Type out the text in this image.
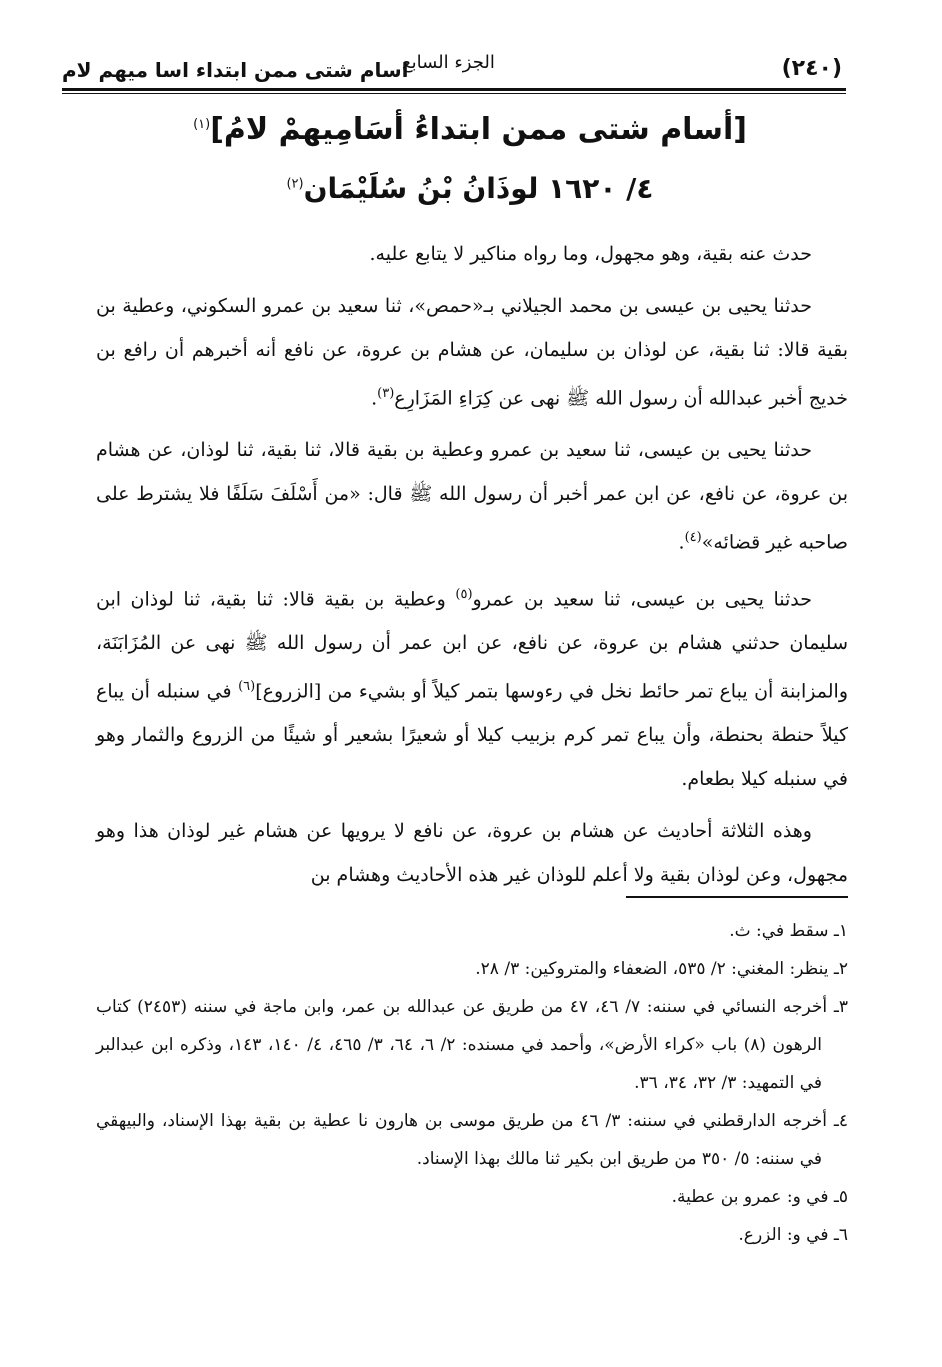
اسام شتى ممن ابتداء اسا ميهم لام
الجزء السابع	(٢٤٠)
[أسام شتى ممن ابتداءُ أسَامِيهمْ لامُ]$^{(١)}$
٤/ ١٦٢٠ لوذَانُ بْنُ سُلَيْمَان$^{(٢)}$

حدث عنه بقية، وهو مجهول، وما رواه مناكير لا يتابع عليه.

حدثنا يحيى بن عيسى بن محمد الجيلاني بـ«حمص»، ثنا سعيد بن عمرو السكوني، وعطية بن بقية قالا: ثنا بقية، عن لوذان بن سليمان، عن هشام بن عروة، عن نافع أنه أخبرهم أن رافع بن خديج أخبر عبدالله أن رسول الله ﷺ نهى عن كِرَاءِ المَزَارِع$^{(٣)}$.

حدثنا يحيى بن عيسى، ثنا سعيد بن عمرو وعطية بن بقية قالا، ثنا بقية، ثنا لوذان، عن هشام بن عروة، عن نافع، عن ابن عمر أخبر أن رسول الله ﷺ قال: «من أَسْلَفَ سَلَفًا فلا يشترط على صاحبه غير قضائه»$^{(٤)}$.

حدثنا يحيى بن عيسى، ثنا سعيد بن عمرو$^{(٥)}$ وعطية بن بقية قالا: ثنا بقية، ثنا لوذان ابن سليمان حدثني هشام بن عروة، عن نافع، عن ابن عمر أن رسول الله ﷺ نهى عن المُزَابَنَة، والمزابنة أن يباع تمر حائط نخل في رءوسها بتمر كيلاً أو بشيء من [الزروع]$^{(٦)}$ في سنبله أن يباع كيلاً حنطة بحنطة، وأن يباع تمر كرم بزبيب كيلا أو شعيرًا بشعير أو شيئًا من الزروع والثمار وهو في سنبله كيلا بطعام.

وهذه الثلاثة أحاديث عن هشام بن عروة، عن نافع لا يرويها عن هشام غير لوذان هذا وهو مجهول، وعن لوذان بقية ولا أعلم للوذان غير هذه الأحاديث وهشام بن

١ـ سقط في: ث.

٢ـ ينظر: المغني: ٢/ ٥٣٥، الضعفاء والمتروكين: ٣/ ٢٨.

٣ـ أخرجه النسائي في سننه: ٧/ ٤٦، ٤٧ من طريق عن عبدالله بن عمر، وابن ماجة في سننه (٢٤٥٣) كتاب الرهون (٨) باب «كراء الأرض»، وأحمد في مسنده: ٢/ ٦، ٦٤، ٣/ ٤٦٥، ٤/ ١٤٠، ١٤٣، وذكره ابن عبدالبر في التمهيد: ٣/ ٣٢، ٣٤، ٣٦.

٤ـ أخرجه الدارقطني في سننه: ٣/ ٤٦ من طريق موسى بن هارون نا عطية بن بقية بهذا الإسناد، والبيهقي في سننه: ٥/ ٣٥٠ من طريق ابن بكير ثنا مالك بهذا الإسناد.

٥ـ في و: عمرو بن عطية.

٦ـ في و: الزرع.
